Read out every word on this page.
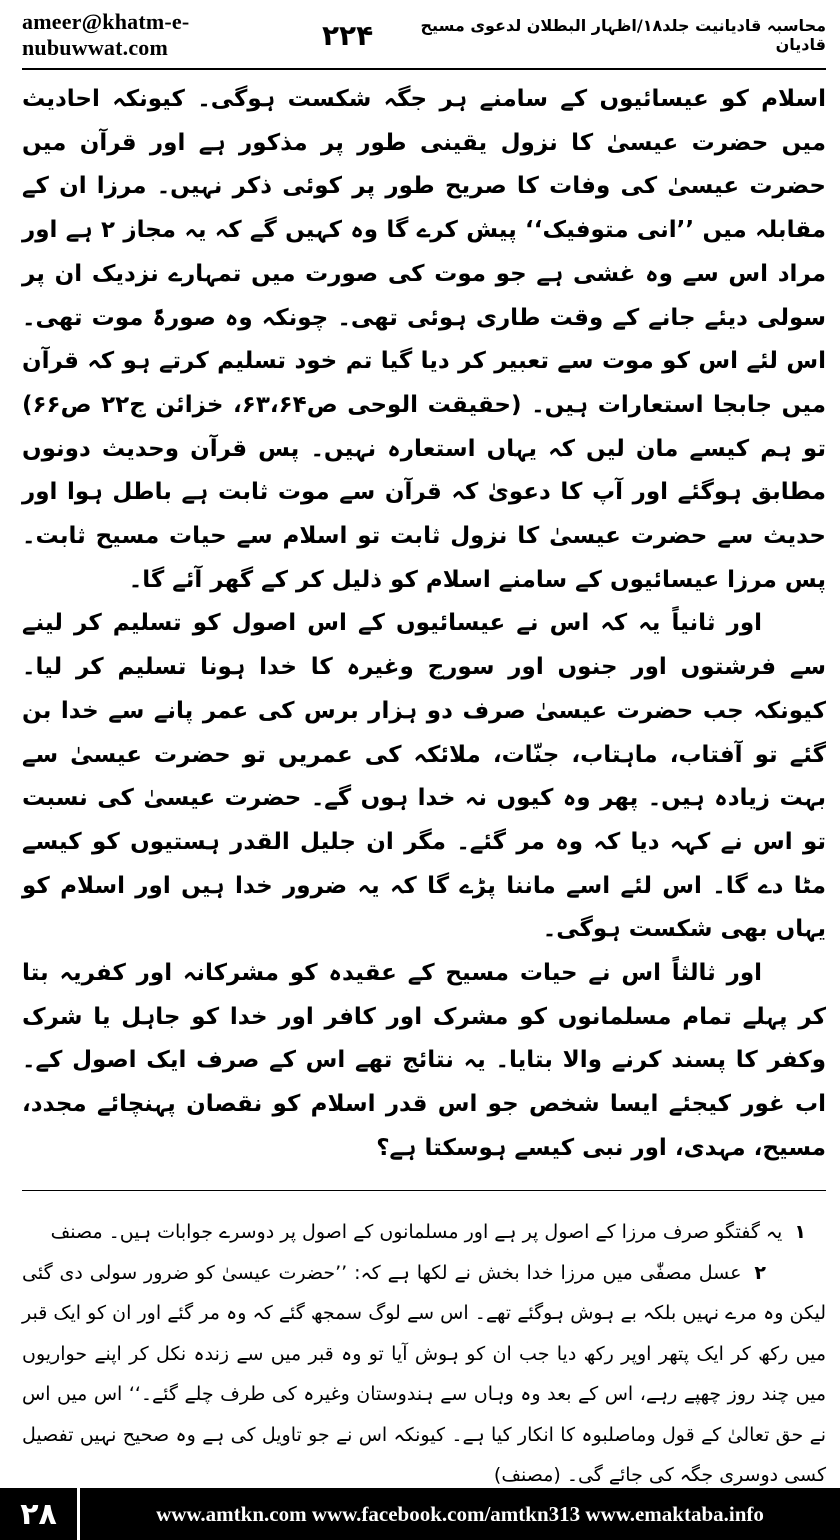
ameer@khatm-e-nubuwwat.com
محاسبہ قادیانیت جلد۱۸/اظہار البطلان لدعوی مسیح قادیان
۲۲۴

اسلام کو عیسائیوں کے سامنے ہر جگہ شکست ہوگی۔ کیونکہ احادیث میں حضرت عیسیٰ کا نزول یقینی طور پر مذکور ہے اور قرآن میں حضرت عیسیٰ کی وفات کا صریح طور پر کوئی ذکر نہیں۔ مرزا ان کے مقابلہ میں ’’انی متوفیک‘‘ پیش کرے گا وہ کہیں گے کہ یہ مجاز ۲ ہے اور مراد اس سے وہ غشی ہے جو موت کی صورت میں تمہارے نزدیک ان پر سولی دیئے جانے کے وقت طاری ہوئی تھی۔ چونکہ وہ صورۃً موت تھی۔ اس لئے اس کو موت سے تعبیر کر دیا گیا تم خود تسلیم کرتے ہو کہ قرآن میں جابجا استعارات ہیں۔ (حقیقت الوحی ص۶۳،۶۴، خزائن ج۲۲ ص۶۶) تو ہم کیسے مان لیں کہ یہاں استعارہ نہیں۔ پس قرآن وحدیث دونوں مطابق ہوگئے اور آپ کا دعویٰ کہ قرآن سے موت ثابت ہے باطل ہوا اور حدیث سے حضرت عیسیٰ کا نزول ثابت تو اسلام سے حیات مسیح ثابت۔ پس مرزا عیسائیوں کے سامنے اسلام کو ذلیل کر کے گھر آئے گا۔

اور ثانیاً یہ کہ اس نے عیسائیوں کے اس اصول کو تسلیم کر لینے سے فرشتوں اور جنوں اور سورج وغیرہ کا خدا ہونا تسلیم کر لیا۔ کیونکہ جب حضرت عیسیٰ صرف دو ہزار برس کی عمر پانے سے خدا بن گئے تو آفتاب، ماہتاب، جنّات، ملائکہ کی عمریں تو حضرت عیسیٰ سے بہت زیادہ ہیں۔ پھر وہ کیوں نہ خدا ہوں گے۔ حضرت عیسیٰ کی نسبت تو اس نے کہہ دیا کہ وہ مر گئے۔ مگر ان جلیل القدر ہستیوں کو کیسے مٹا دے گا۔ اس لئے اسے ماننا پڑے گا کہ یہ ضرور خدا ہیں اور اسلام کو یہاں بھی شکست ہوگی۔

اور ثالثاً اس نے حیات مسیح کے عقیدہ کو مشرکانہ اور کفریہ بتا کر پہلے تمام مسلمانوں کو مشرک اور کافر اور خدا کو جاہل یا شرک وکفر کا پسند کرنے والا بتایا۔ یہ نتائج تھے اس کے صرف ایک اصول کے۔ اب غور کیجئے ایسا شخص جو اس قدر اسلام کو نقصان پہنچائے مجدد، مسیح، مہدی، اور نبی کیسے ہوسکتا ہے؟

۱ یہ گفتگو صرف مرزا کے اصول پر ہے اور مسلمانوں کے اصول پر دوسرے جوابات ہیں۔ مصنف

۲ عسل مصفّٰی میں مرزا خدا بخش نے لکھا ہے کہ: ’’حضرت عیسیٰ کو ضرور سولی دی گئی لیکن وہ مرے نہیں بلکہ بے ہوش ہوگئے تھے۔ اس سے لوگ سمجھ گئے کہ وہ مر گئے اور ان کو ایک قبر میں رکھ کر ایک پتھر اوپر رکھ دیا جب ان کو ہوش آیا تو وہ قبر میں سے زندہ نکل کر اپنے حواریوں میں چند روز چھپے رہے، اس کے بعد وہ وہاں سے ہندوستان وغیرہ کی طرف چلے گئے۔‘‘ اس میں اس نے حق تعالیٰ کے قول وماصلبوہ کا انکار کیا ہے۔ کیونکہ اس نے جو تاویل کی ہے وہ صحیح نہیں تفصیل کسی دوسری جگہ کی جائے گی۔ (مصنف)

۲۸	www.amtkn.com www.facebook.com/amtkn313 www.emaktaba.info
